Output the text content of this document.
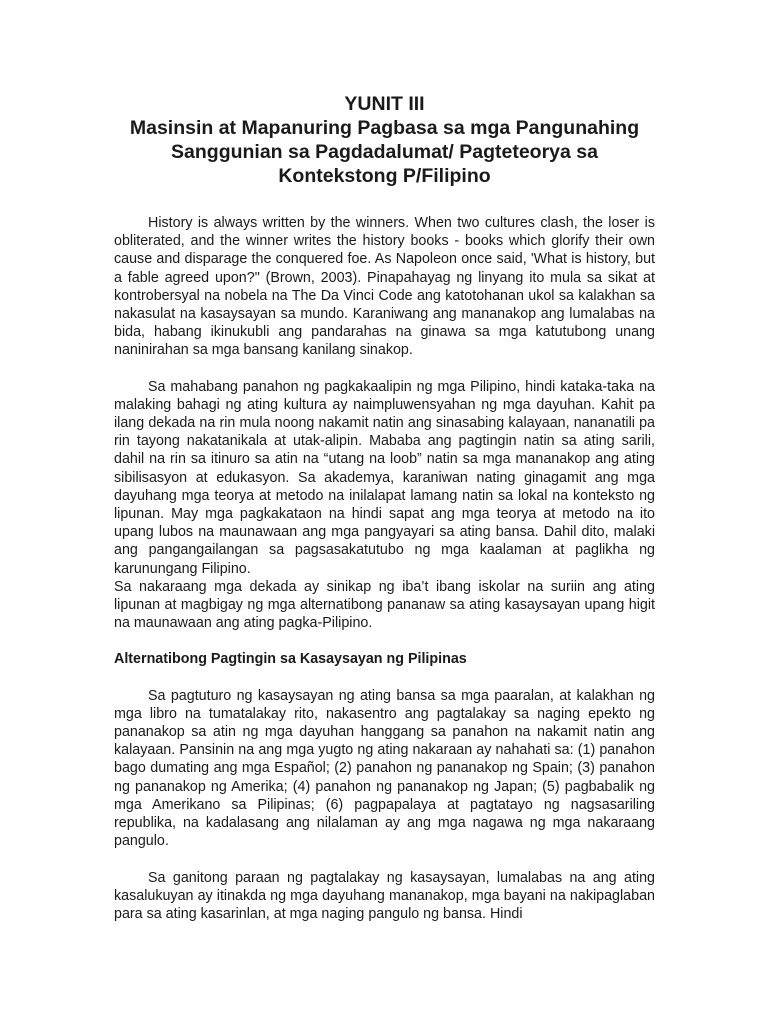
YUNIT III

Masinsin at Mapanuring Pagbasa sa mga Pangunahing

Sanggunian sa Pagdadalumat/ Pagteteorya sa

Kontekstong P/Filipino

History is always written by the winners. When two cultures clash, the loser is obliterated, and the winner writes the history books - books which glorify their own cause and disparage the conquered foe. As Napoleon once said, 'What is history, but a fable agreed upon?" (Brown, 2003). Pinapahayag ng linyang ito mula sa sikat at kontrobersyal na nobela na The Da Vinci Code ang katotohanan ukol sa kalakhan sa nakasulat na kasaysayan sa mundo. Karaniwang ang mananakop ang lumalabas na bida, habang ikinukubli ang pandarahas na ginawa sa mga katutubong unang naninirahan sa mga bansang kanilang sinakop.

Sa mahabang panahon ng pagkakaalipin ng mga Pilipino, hindi kataka-taka na malaking bahagi ng ating kultura ay naimpluwensyahan ng mga dayuhan. Kahit pa ilang dekada na rin mula noong nakamit natin ang sinasabing kalayaan, nananatili pa rin tayong nakatanikala at utak-alipin. Mababa ang pagtingin natin sa ating sarili, dahil na rin sa itinuro sa atin na “utang na loob” natin sa mga mananakop ang ating sibilisasyon at edukasyon. Sa akademya, karaniwan nating ginagamit ang mga dayuhang mga teorya at metodo na inilalapat lamang natin sa lokal na konteksto ng lipunan. May mga pagkakataon na hindi sapat ang mga teorya at metodo na ito upang lubos na maunawaan ang mga pangyayari sa ating bansa. Dahil dito, malaki ang pangangailangan sa pagsasakatutubo ng mga kaalaman at paglikha ng karunungang Filipino.

Sa nakaraang mga dekada ay sinikap ng iba’t ibang iskolar na suriin ang ating lipunan at magbigay ng mga alternatibong pananaw sa ating kasaysayan upang higit na maunawaan ang ating pagka-Pilipino.

Alternatibong Pagtingin sa Kasaysayan ng Pilipinas

Sa pagtuturo ng kasaysayan ng ating bansa sa mga paaralan, at kalakhan ng mga libro na tumatalakay rito, nakasentro ang pagtalakay sa naging epekto ng pananakop sa atin ng mga dayuhan hanggang sa panahon na nakamit natin ang kalayaan. Pansinin na ang mga yugto ng ating nakaraan ay nahahati sa: (1) panahon bago dumating ang mga Español; (2) panahon ng pananakop ng Spain; (3) panahon ng pananakop ng Amerika; (4) panahon ng pananakop ng Japan; (5) pagbabalik ng mga Amerikano sa Pilipinas; (6) pagpapalaya at pagtatayo ng nagsasariling republika, na kadalasang ang nilalaman ay ang mga nagawa ng mga nakaraang pangulo.

Sa ganitong paraan ng pagtalakay ng kasaysayan, lumalabas na ang ating kasalukuyan ay itinakda ng mga dayuhang mananakop, mga bayani na nakipaglaban para sa ating kasarinlan, at mga naging pangulo ng bansa. Hindi
